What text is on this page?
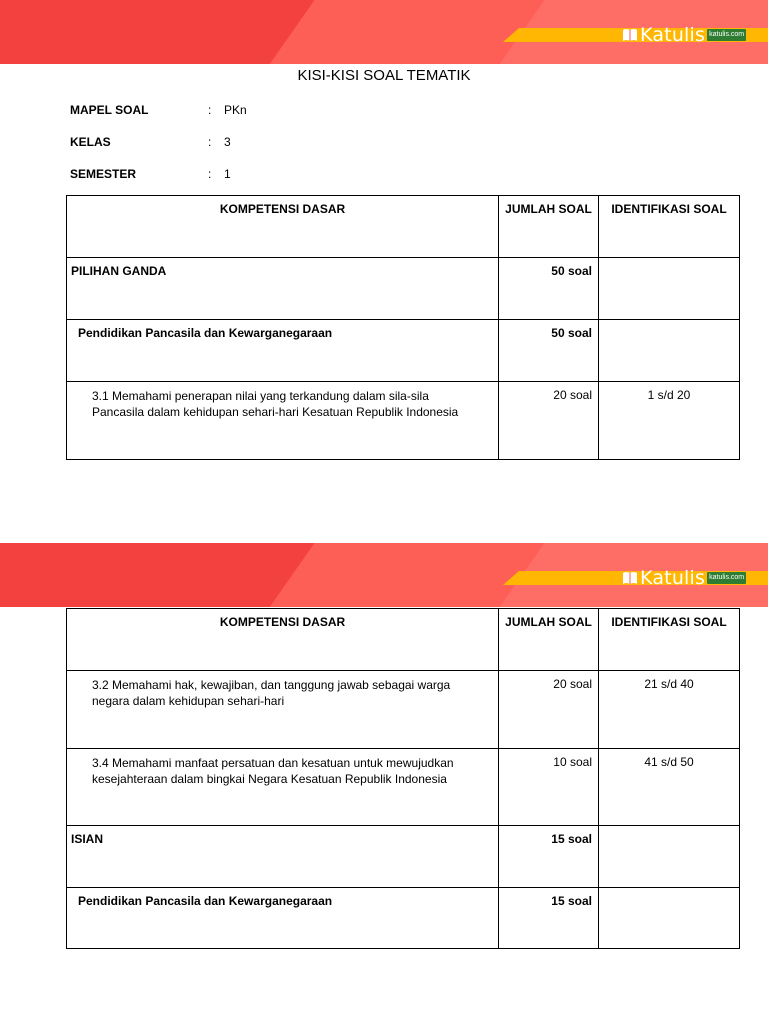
Katulis katulis.com
KISI-KISI SOAL TEMATIK
MAPEL SOAL	:	PKn
KELAS	:	3
SEMESTER	:	1
KOMPETENSI DASAR	JUMLAH SOAL	IDENTIFIKASI SOAL
PILIHAN GANDA	50 soal	
Pendidikan Pancasila dan Kewarganegaraan	50 soal	
3.1 Memahami penerapan nilai yang terkandung dalam sila-sila Pancasila dalam kehidupan sehari-hari Kesatuan Republik Indonesia	20 soal	1 s/d 20
Katulis katulis.com
KOMPETENSI DASAR	JUMLAH SOAL	IDENTIFIKASI SOAL
3.2 Memahami hak, kewajiban, dan tanggung jawab sebagai warga negara dalam kehidupan sehari-hari	20 soal	21 s/d 40
3.4 Memahami manfaat persatuan dan kesatuan untuk mewujudkan kesejahteraan dalam bingkai Negara Kesatuan Republik Indonesia	10 soal	41 s/d 50
ISIAN	15 soal	
Pendidikan Pancasila dan Kewarganegaraan	15 soal	
